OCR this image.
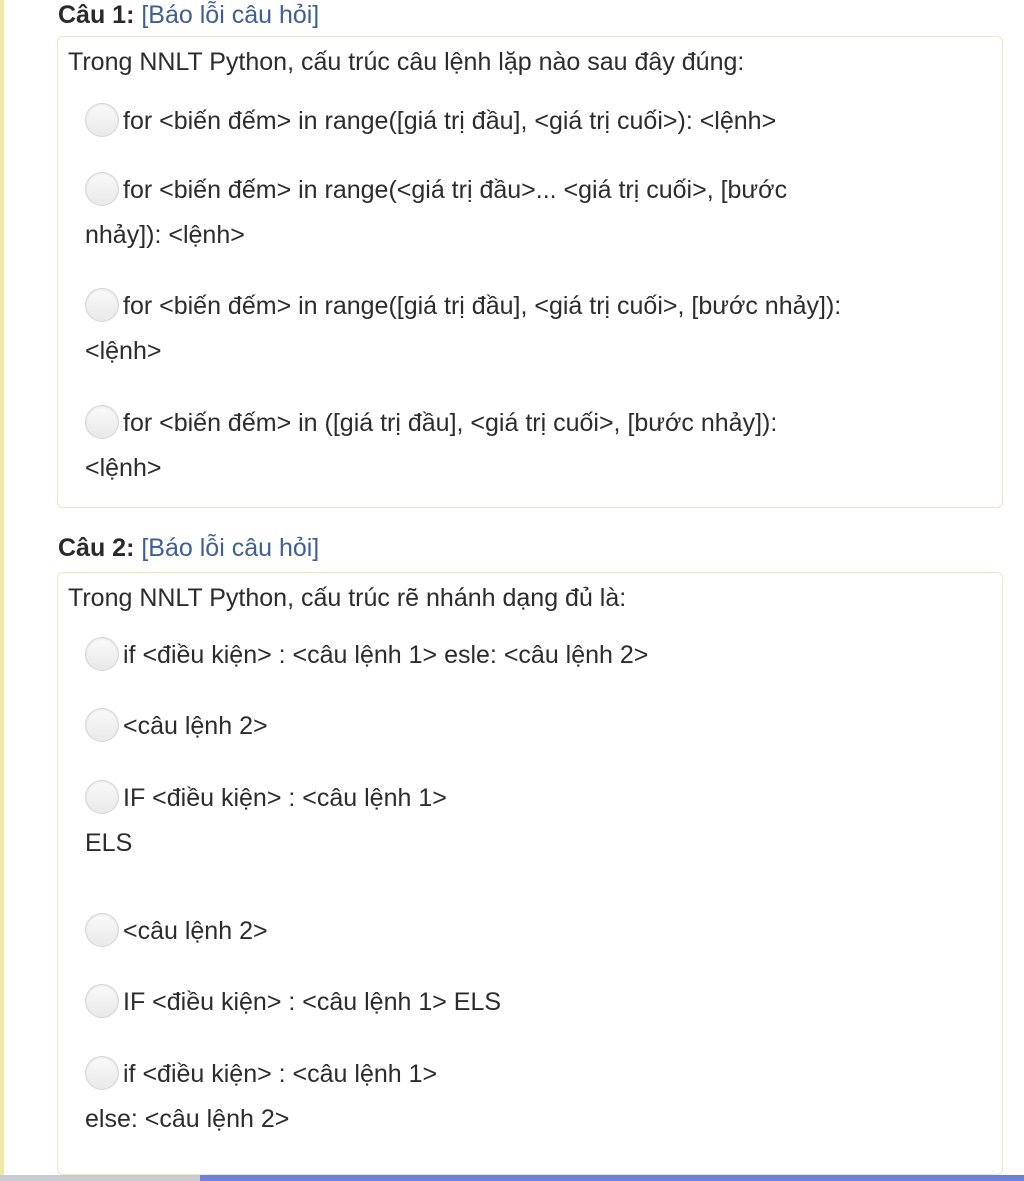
Câu 1: [Báo lỗi câu hỏi]
Trong NNLT Python, cấu trúc câu lệnh lặp nào sau đây đúng:
for <biến đếm> in range([giá trị đầu], <giá trị cuối>): <lệnh>
for <biến đếm> in range(<giá trị đầu>... <giá trị cuối>, [bước
nhảy]): <lệnh>
for <biến đếm> in range([giá trị đầu], <giá trị cuối>, [bước nhảy]):
<lệnh>
for <biến đếm> in ([giá trị đầu], <giá trị cuối>, [bước nhảy]):
<lệnh>
Câu 2: [Báo lỗi câu hỏi]
Trong NNLT Python, cấu trúc rẽ nhánh dạng đủ là:
if <điều kiện> : <câu lệnh 1> esle: <câu lệnh 2>
<câu lệnh 2>
IF <điều kiện> : <câu lệnh 1>
ELS
<câu lệnh 2>
IF <điều kiện> : <câu lệnh 1> ELS
if <điều kiện> : <câu lệnh 1>
else: <câu lệnh 2>
